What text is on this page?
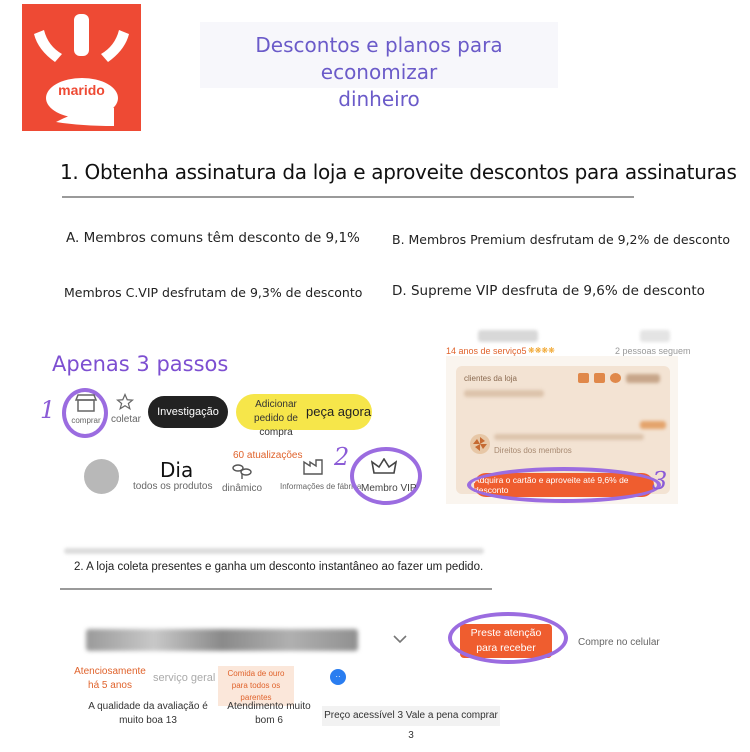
marido
Descontos e planos para economizar
dinheiro
1. Obtenha assinatura da loja e aproveite descontos para assinaturas
A. Membros comuns têm desconto de 9,1%	B. Membros Premium desfrutam de 9,2% de desconto
Membros C.VIP desfrutam de 9,3% de desconto D. Supreme VIP desfruta de 9,6% de desconto
Apenas 3 passos
1	comprar	coletar
Investigação
Adicionar pedido de compra
peça agora
Dia
todos os produtos
60 atualizações
dinâmico Informações de fábrica
2
Membro VIP
14 anos de serviço5 ❋❋❋❋	2 pessoas seguem
clientes da loja
Direitos dos membros
Adquira o cartão e aproveite até 9,6% de desconto	3
2. A loja coleta presentes e ganha um desconto instantâneo ao fazer um pedido.
Preste atenção para receber cupons
Compre no celular
Atenciosamente há 5 anos
serviço geral	Comida de ouro para todos os parentes
··
A qualidade da avaliação é muito boa 13
Atendimento muito bom 6	Preço acessível 3 Vale a pena comprar 3
